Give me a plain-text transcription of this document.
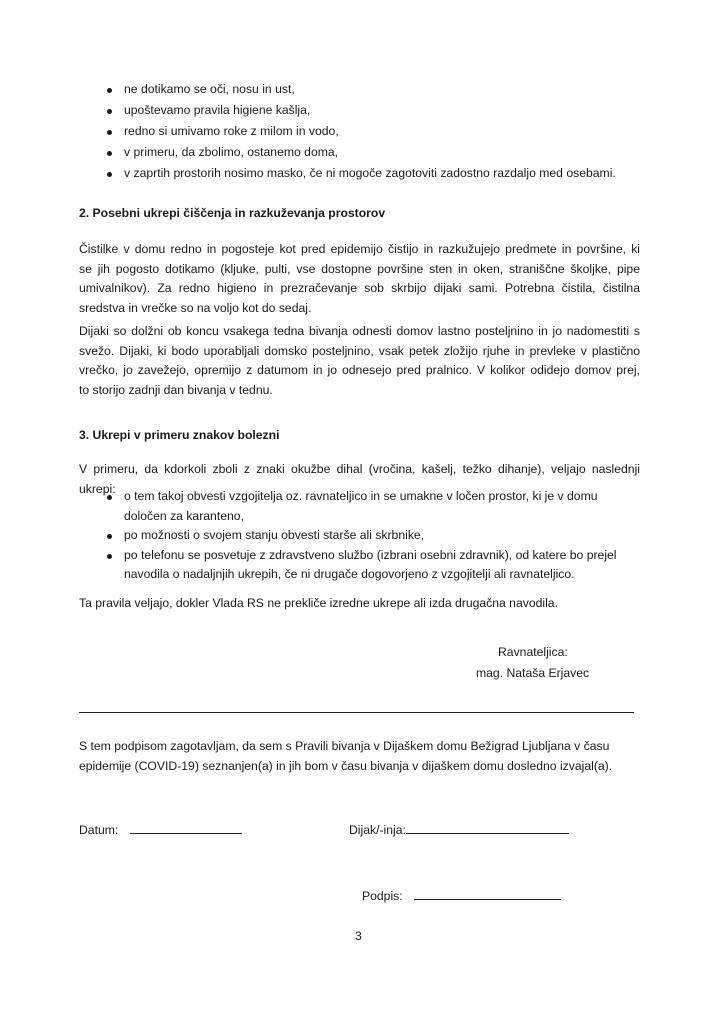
ne dotikamo se oči, nosu in ust,
upoštevamo pravila higiene kašlja,
redno si umivamo roke z milom in vodo,
v primeru, da zbolimo, ostanemo doma,
v zaprtih prostorih nosimo masko, če ni mogoče zagotoviti zadostno razdaljo med osebami.
2. Posebni ukrepi čiščenja in razkuževanja prostorov
Čistilke v domu redno in pogosteje kot pred epidemijo čistijo in razkužujejo predmete in površine, ki
se jih pogosto dotikamo (kljuke, pulti, vse dostopne površine sten in oken, straniščne školjke, pipe
umivalnikov). Za redno higieno in prezračevanje sob skrbijo dijaki sami. Potrebna čistila, čistilna
sredstva in vrečke so na voljo kot do sedaj.
Dijaki so dolžni ob koncu vsakega tedna bivanja odnesti domov lastno posteljnino in jo nadomestiti s
svežo. Dijaki, ki bodo uporabljali domsko posteljnino, vsak petek zložijo rjuhe in prevleke v plastično
vrečko, jo zavežejo, opremijo z datumom in jo odnesejo pred pralnico. V kolikor odidejo domov prej,
to storijo zadnji dan bivanja v tednu.
3. Ukrepi v primeru znakov bolezni
V primeru, da kdorkoli zboli z znaki okužbe dihal (vročina, kašelj, težko dihanje), veljajo naslednji
ukrepi:
o tem takoj obvesti vzgojitelja oz. ravnateljico in se umakne v ločen prostor, ki je v domu
določen za karanteno,
po možnosti o svojem stanju obvesti starše ali skrbnike,
po telefonu se posvetuje z zdravstveno službo (izbrani osebni zdravnik), od katere bo prejel
navodila o nadaljnjih ukrepih, če ni drugače dogovorjeno z vzgojitelji ali ravnateljico.
Ta pravila veljajo, dokler Vlada RS ne prekliče izredne ukrepe ali izda drugačna navodila.
Ravnateljica:
mag. Nataša Erjavec
S tem podpisom zagotavljam, da sem s Pravili bivanja v Dijaškem domu Bežigrad Ljubljana v času
epidemije (COVID-19) seznanjen(a) in jih bom v času bivanja v dijaškem domu dosledno izvajal(a).
Datum:	Dijak/-inja:
Podpis:
3
